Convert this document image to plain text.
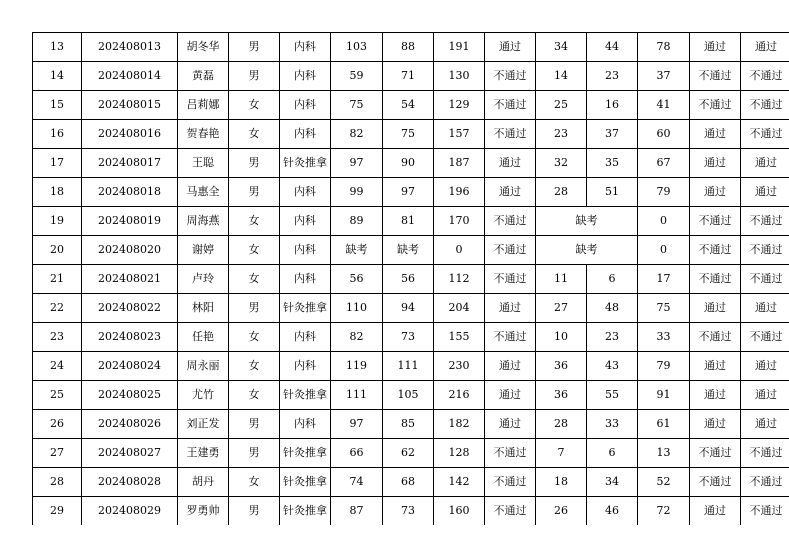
13	202408013	胡冬华	男	内科	103	88	191	通过	34	44	78	通过	通过
14	202408014	黄磊	男	内科	59	71	130	不通过	14	23	37	不通过	不通过
15	202408015	吕莉娜	女	内科	75	54	129	不通过	25	16	41	不通过	不通过
16	202408016	贺春艳	女	内科	82	75	157	不通过	23	37	60	通过	不通过
17	202408017	王聪	男	针灸推拿	97	90	187	通过	32	35	67	通过	通过
18	202408018	马惠全	男	内科	99	97	196	通过	28	51	79	通过	通过
19	202408019	周海燕	女	内科	89	81	170	不通过	缺考		0	不通过	不通过
20	202408020	谢婷	女	内科	缺考	缺考	0	不通过	缺考		0	不通过	不通过
21	202408021	卢玲	女	内科	56	56	112	不通过	11	6	17	不通过	不通过
22	202408022	林阳	男	针灸推拿	110	94	204	通过	27	48	75	通过	通过
23	202408023	任艳	女	内科	82	73	155	不通过	10	23	33	不通过	不通过
24	202408024	周永丽	女	内科	119	111	230	通过	36	43	79	通过	通过
25	202408025	尤竹	女	针灸推拿	111	105	216	通过	36	55	91	通过	通过
26	202408026	刘正发	男	内科	97	85	182	通过	28	33	61	通过	通过
27	202408027	王建勇	男	针灸推拿	66	62	128	不通过	7	6	13	不通过	不通过
28	202408028	胡丹	女	针灸推拿	74	68	142	不通过	18	34	52	不通过	不通过
29	202408029	罗勇帅	男	针灸推拿	87	73	160	不通过	26	46	72	通过	不通过
